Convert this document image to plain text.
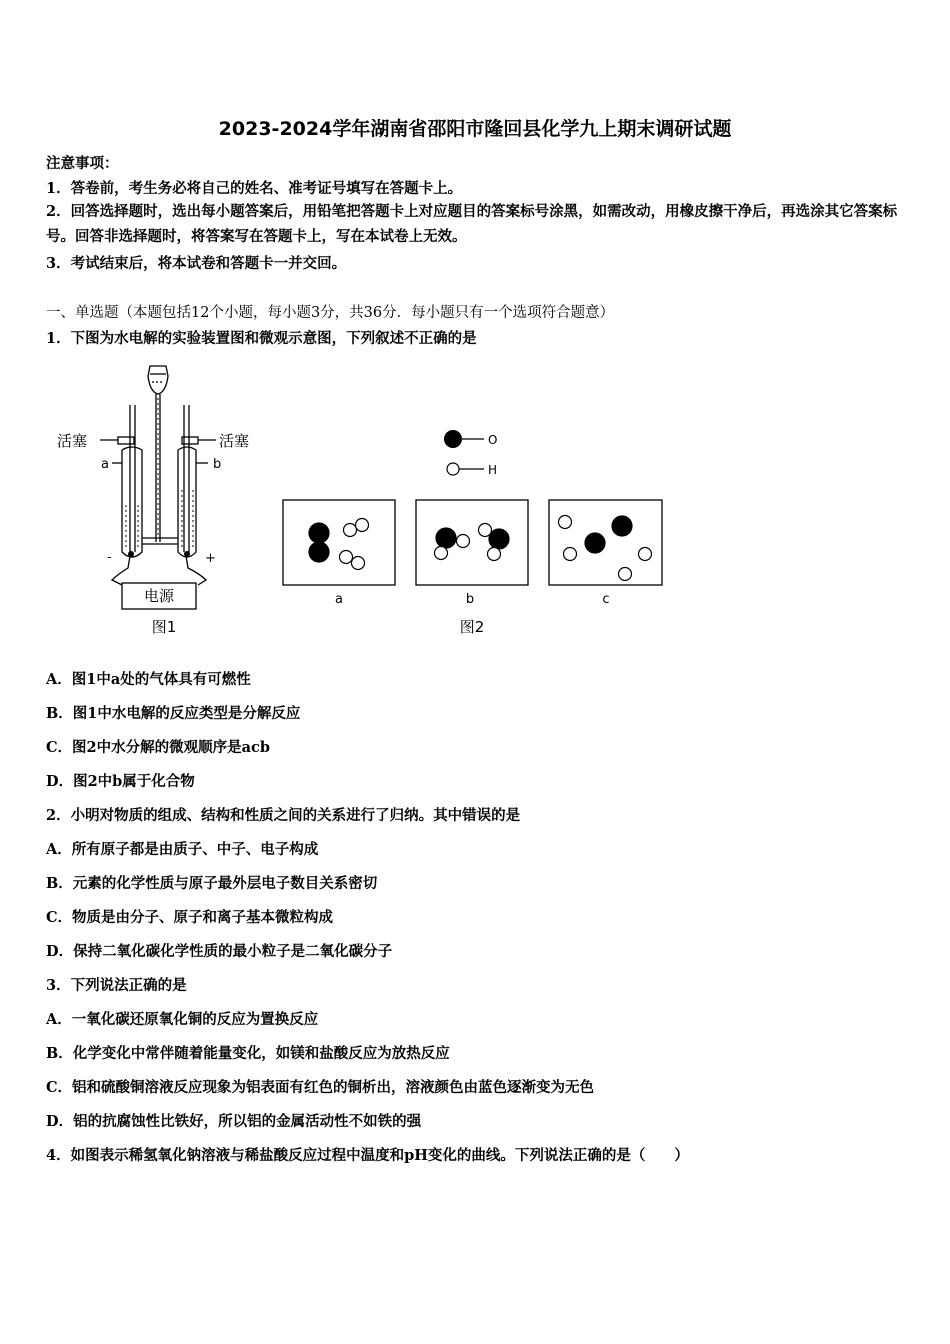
2023-2024学年湖南省邵阳市隆回县化学九上期末调研试题
注意事项：
1．答卷前，考生务必将自己的姓名、准考证号填写在答题卡上。
2．回答选择题时，选出每小题答案后，用铅笔把答题卡上对应题目的答案标号涂黑，如需改动，用橡皮擦干净后，再选涂其它答案标号。回答非选择题时，将答案写在答题卡上，写在本试卷上无效。
3．考试结束后，将本试卷和答题卡一并交回。
一、单选题（本题包括12个小题，每小题3分，共36分．每小题只有一个选项符合题意）
1．下图为水电解的实验装置图和微观示意图，下列叙述不正确的是
电源
活塞	活塞
a	b
-	+
图1
O
H
a	b	c
图2
A．图1中a处的气体具有可燃性
B．图1中水电解的反应类型是分解反应
C．图2中水分解的微观顺序是acb
D．图2中b属于化合物
2．小明对物质的组成、结构和性质之间的关系进行了归纳。其中错误的是
A．所有原子都是由质子、中子、电子构成
B．元素的化学性质与原子最外层电子数目关系密切
C．物质是由分子、原子和离子基本微粒构成
D．保持二氧化碳化学性质的最小粒子是二氧化碳分子
3．下列说法正确的是
A．一氧化碳还原氧化铜的反应为置换反应
B．化学变化中常伴随着能量变化，如镁和盐酸反应为放热反应
C．铝和硫酸铜溶液反应现象为铝表面有红色的铜析出，溶液颜色由蓝色逐渐变为无色
D．铝的抗腐蚀性比铁好，所以铝的金属活动性不如铁的强
4．如图表示稀氢氧化钠溶液与稀盐酸反应过程中温度和pH变化的曲线。下列说法正确的是（　　）
